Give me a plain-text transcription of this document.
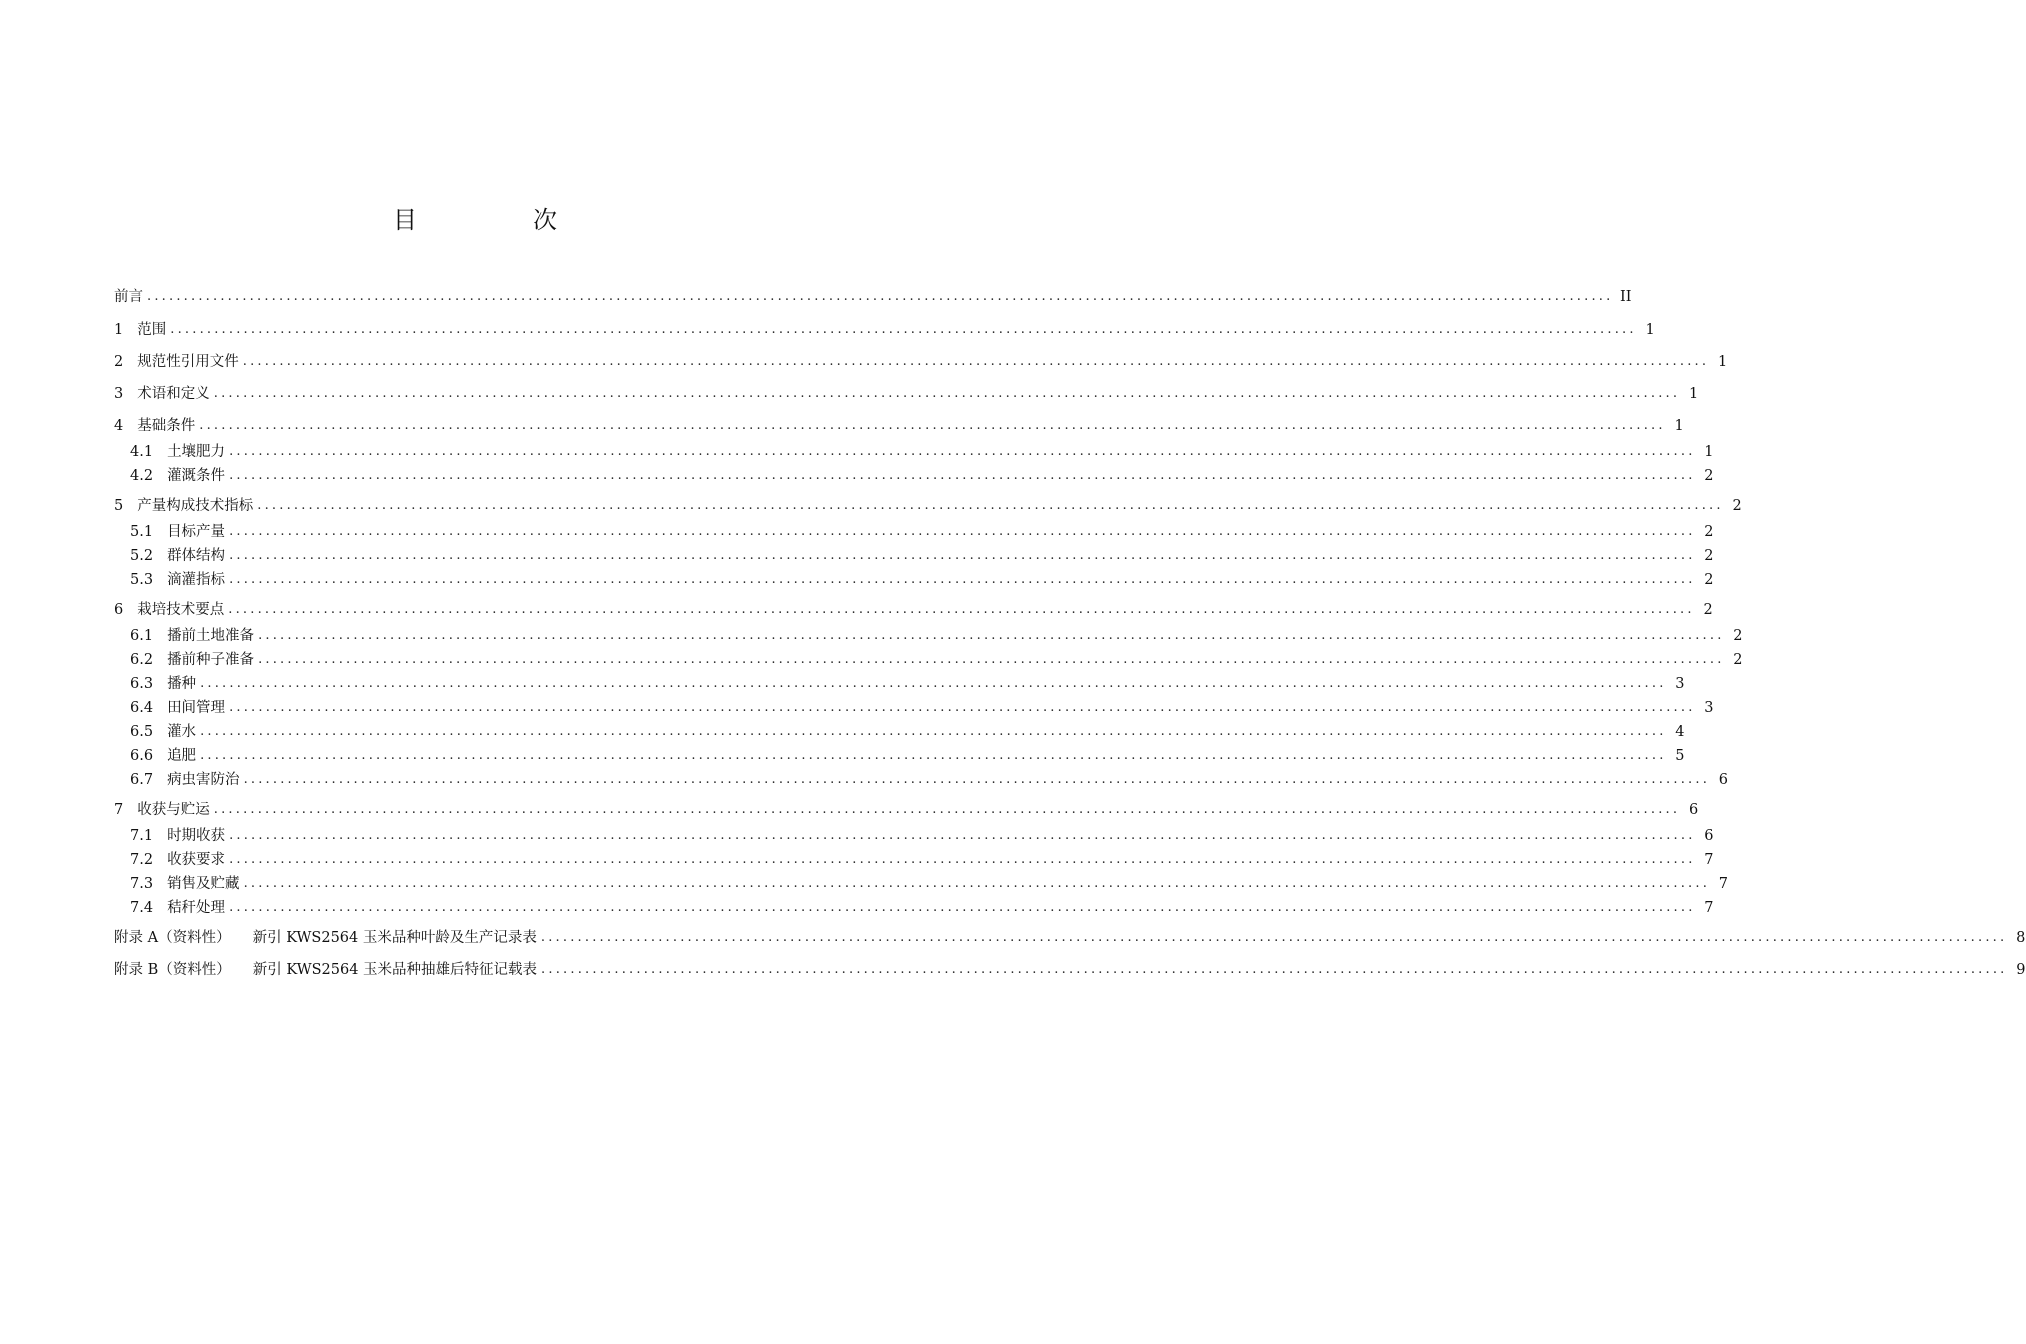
目　次
前言 ........................................................................................................................................................................................................ II
1 范围 ........................................................................................................................................................................................................ 1
2 规范性引用文件 ........................................................................................................................................................................................................ 1
3 术语和定义 ........................................................................................................................................................................................................ 1
4 基础条件 ........................................................................................................................................................................................................ 1
4.1 土壤肥力 ........................................................................................................................................................................................................ 1
4.2 灌溉条件 ........................................................................................................................................................................................................ 2
5 产量构成技术指标 ........................................................................................................................................................................................................ 2
5.1 目标产量 ........................................................................................................................................................................................................ 2
5.2 群体结构 ........................................................................................................................................................................................................ 2
5.3 滴灌指标 ........................................................................................................................................................................................................ 2
6 栽培技术要点 ........................................................................................................................................................................................................ 2
6.1 播前土地准备 ........................................................................................................................................................................................................ 2
6.2 播前种子准备 ........................................................................................................................................................................................................ 2
6.3 播种 ........................................................................................................................................................................................................ 3
6.4 田间管理 ........................................................................................................................................................................................................ 3
6.5 灌水 ........................................................................................................................................................................................................ 4
6.6 追肥 ........................................................................................................................................................................................................ 5
6.7 病虫害防治 ........................................................................................................................................................................................................ 6
7 收获与贮运 ........................................................................................................................................................................................................ 6
7.1 时期收获 ........................................................................................................................................................................................................ 6
7.2 收获要求 ........................................................................................................................................................................................................ 7
7.3 销售及贮藏 ........................................................................................................................................................................................................ 7
7.4 秸秆处理 ........................................................................................................................................................................................................ 7
附录 A（资料性） 新引 KWS2564 玉米品种叶龄及生产记录表 ........................................................................................................................................................................................................ 8
附录 B（资料性） 新引 KWS2564 玉米品种抽雄后特征记载表 ........................................................................................................................................................................................................ 9
